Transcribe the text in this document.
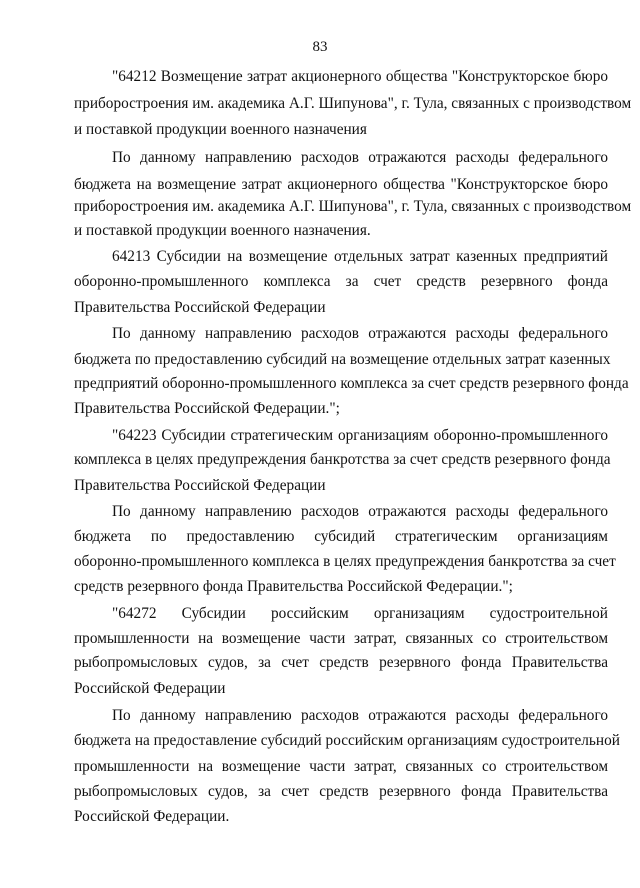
83
"64212 Возмещение затрат акционерного общества "Конструкторское бюро
приборостроения им. академика А.Г. Шипунова", г. Тула, связанных с производством
и поставкой продукции военного назначения
По данному направлению расходов отражаются расходы федерального
бюджета на возмещение затрат акционерного общества "Конструкторское бюро
приборостроения им. академика А.Г. Шипунова", г. Тула, связанных с производством
и поставкой продукции военного назначения.
64213 Субсидии на возмещение отдельных затрат казенных предприятий
оборонно-промышленного комплекса за счет средств резервного фонда
Правительства Российской Федерации
По данному направлению расходов отражаются расходы федерального
бюджета по предоставлению субсидий на возмещение отдельных затрат казенных
предприятий оборонно-промышленного комплекса за счет средств резервного фонда
Правительства Российской Федерации.";
"64223 Субсидии стратегическим организациям оборонно-промышленного
комплекса в целях предупреждения банкротства за счет средств резервного фонда
Правительства Российской Федерации
По данному направлению расходов отражаются расходы федерального
бюджета по предоставлению субсидий стратегическим организациям
оборонно-промышленного комплекса в целях предупреждения банкротства за счет
средств резервного фонда Правительства Российской Федерации.";
"64272 Субсидии российским организациям судостроительной
промышленности на возмещение части затрат, связанных со строительством
рыбопромысловых судов, за счет средств резервного фонда Правительства
Российской Федерации
По данному направлению расходов отражаются расходы федерального
бюджета на предоставление субсидий российским организациям судостроительной
промышленности на возмещение части затрат, связанных со строительством
рыбопромысловых судов, за счет средств резервного фонда Правительства
Российской Федерации.
